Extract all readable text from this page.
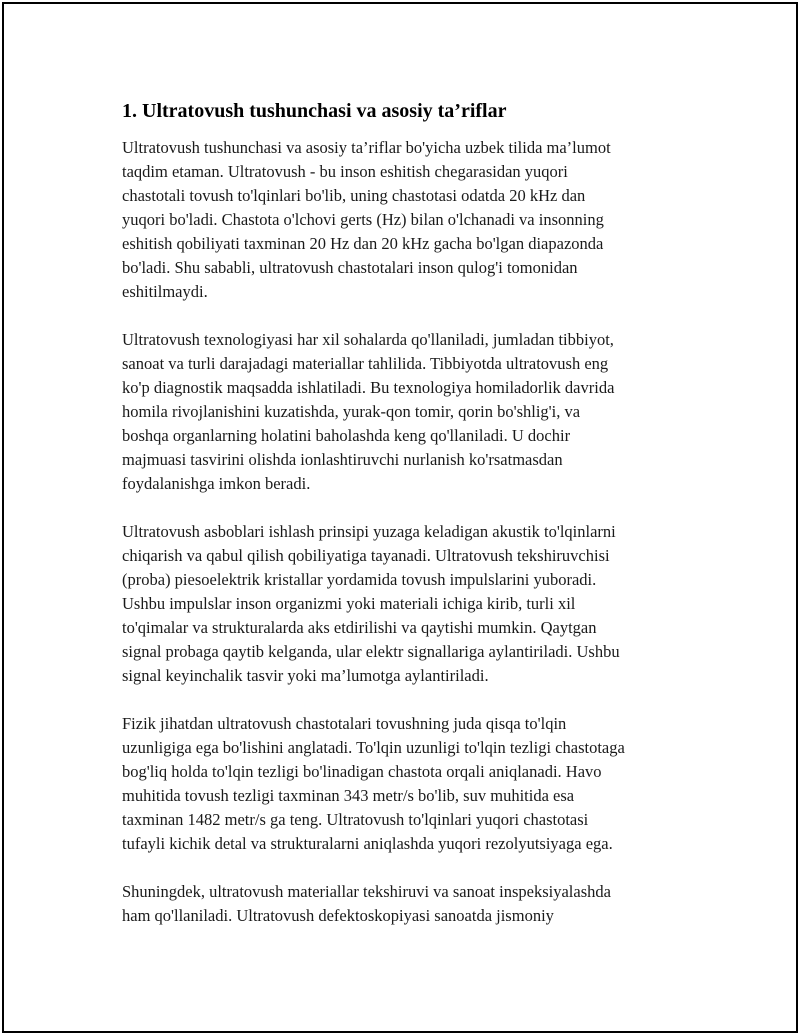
1. Ultratovush tushunchasi va asosiy ta’riflar

Ultratovush tushunchasi va asosiy ta’riflar bo'yicha uzbek tilida ma’lumot
taqdim etaman. Ultratovush - bu inson eshitish chegarasidan yuqori
chastotali tovush to'lqinlari bo'lib, uning chastotasi odatda 20 kHz dan
yuqori bo'ladi. Chastota o'lchovi gerts (Hz) bilan o'lchanadi va insonning
eshitish qobiliyati taxminan 20 Hz dan 20 kHz gacha bo'lgan diapazonda
bo'ladi. Shu sababli, ultratovush chastotalari inson qulog'i tomonidan
eshitilmaydi.

Ultratovush texnologiyasi har xil sohalarda qo'llaniladi, jumladan tibbiyot,
sanoat va turli darajadagi materiallar tahlilida. Tibbiyotda ultratovush eng
ko'p diagnostik maqsadda ishlatiladi. Bu texnologiya homiladorlik davrida
homila rivojlanishini kuzatishda, yurak-qon tomir, qorin bo'shlig'i, va
boshqa organlarning holatini baholashda keng qo'llaniladi. U dochir
majmuasi tasvirini olishda ionlashtiruvchi nurlanish ko'rsatmasdan
foydalanishga imkon beradi.

Ultratovush asboblari ishlash prinsipi yuzaga keladigan akustik to'lqinlarni
chiqarish va qabul qilish qobiliyatiga tayanadi. Ultratovush tekshiruvchisi
(proba) piesoelektrik kristallar yordamida tovush impulslarini yuboradi.
Ushbu impulslar inson organizmi yoki materiali ichiga kirib, turli xil
to'qimalar va strukturalarda aks etdirilishi va qaytishi mumkin. Qaytgan
signal probaga qaytib kelganda, ular elektr signallariga aylantiriladi. Ushbu
signal keyinchalik tasvir yoki ma’lumotga aylantiriladi.

Fizik jihatdan ultratovush chastotalari tovushning juda qisqa to'lqin
uzunligiga ega bo'lishini anglatadi. To'lqin uzunligi to'lqin tezligi chastotaga
bog'liq holda to'lqin tezligi bo'linadigan chastota orqali aniqlanadi. Havo
muhitida tovush tezligi taxminan 343 metr/s bo'lib, suv muhitida esa
taxminan 1482 metr/s ga teng. Ultratovush to'lqinlari yuqori chastotasi
tufayli kichik detal va strukturalarni aniqlashda yuqori rezolyutsiyaga ega.

Shuningdek, ultratovush materiallar tekshiruvi va sanoat inspeksiyalashda
ham qo'llaniladi. Ultratovush defektoskopiyasi sanoatda jismoniy
